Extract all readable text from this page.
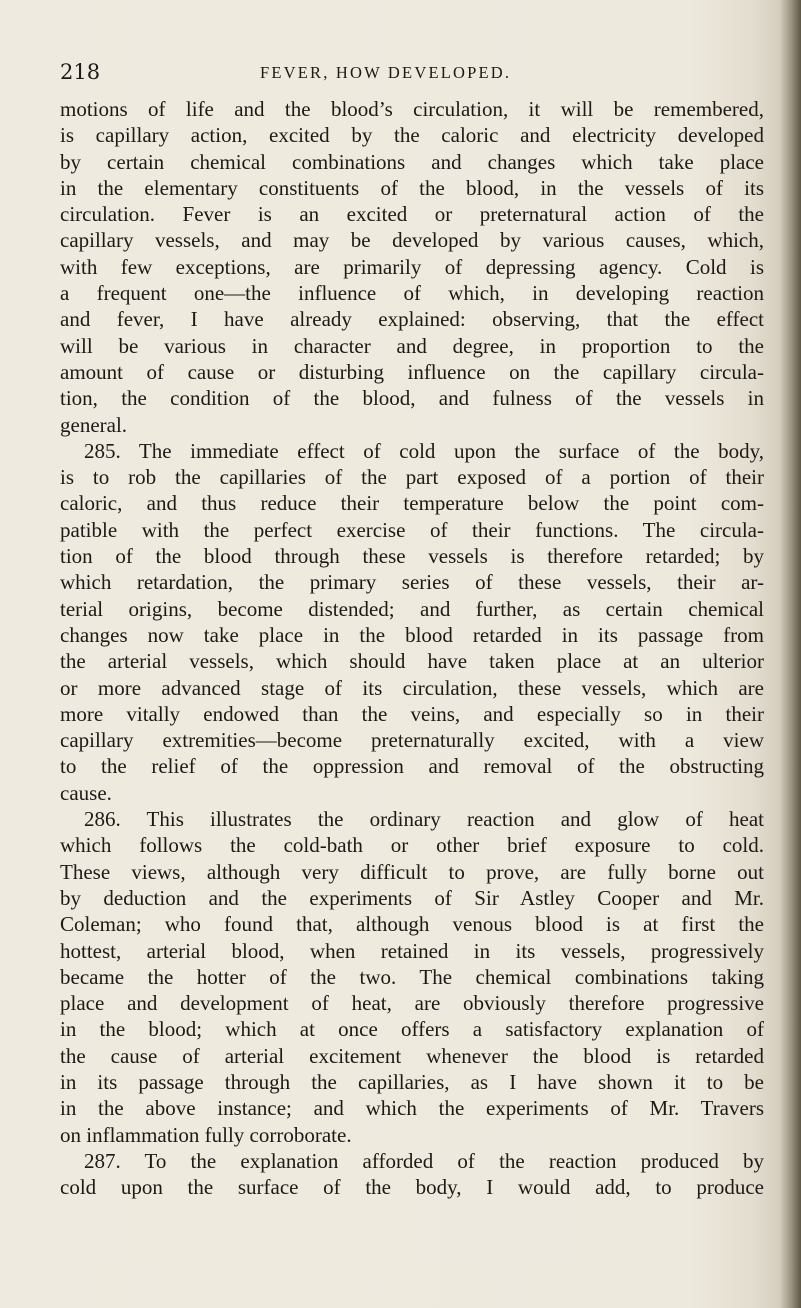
218	FEVER, HOW DEVELOPED.
motions of life and the blood’s circulation, it will be remembered,
is capillary action, excited by the caloric and electricity developed
by certain chemical combinations and changes which take place
in the elementary constituents of the blood, in the vessels of its
circulation. Fever is an excited or preternatural action of the
capillary vessels, and may be developed by various causes, which,
with few exceptions, are primarily of depressing agency. Cold is
a frequent one—the influence of which, in developing reaction
and fever, I have already explained: observing, that the effect
will be various in character and degree, in proportion to the
amount of cause or disturbing influence on the capillary circula-
tion, the condition of the blood, and fulness of the vessels in
general.
285. The immediate effect of cold upon the surface of the body,
is to rob the capillaries of the part exposed of a portion of their
caloric, and thus reduce their temperature below the point com-
patible with the perfect exercise of their functions. The circula-
tion of the blood through these vessels is therefore retarded; by
which retardation, the primary series of these vessels, their ar-
terial origins, become distended; and further, as certain chemical
changes now take place in the blood retarded in its passage from
the arterial vessels, which should have taken place at an ulterior
or more advanced stage of its circulation, these vessels, which are
more vitally endowed than the veins, and especially so in their
capillary extremities—become preternaturally excited, with a view
to the relief of the oppression and removal of the obstructing
cause.
286. This illustrates the ordinary reaction and glow of heat
which follows the cold-bath or other brief exposure to cold.
These views, although very difficult to prove, are fully borne out
by deduction and the experiments of Sir Astley Cooper and Mr.
Coleman; who found that, although venous blood is at first the
hottest, arterial blood, when retained in its vessels, progressively
became the hotter of the two. The chemical combinations taking
place and development of heat, are obviously therefore progressive
in the blood; which at once offers a satisfactory explanation of
the cause of arterial excitement whenever the blood is retarded
in its passage through the capillaries, as I have shown it to be
in the above instance; and which the experiments of Mr. Travers
on inflammation fully corroborate.
287. To the explanation afforded of the reaction produced by
cold upon the surface of the body, I would add, to produce
